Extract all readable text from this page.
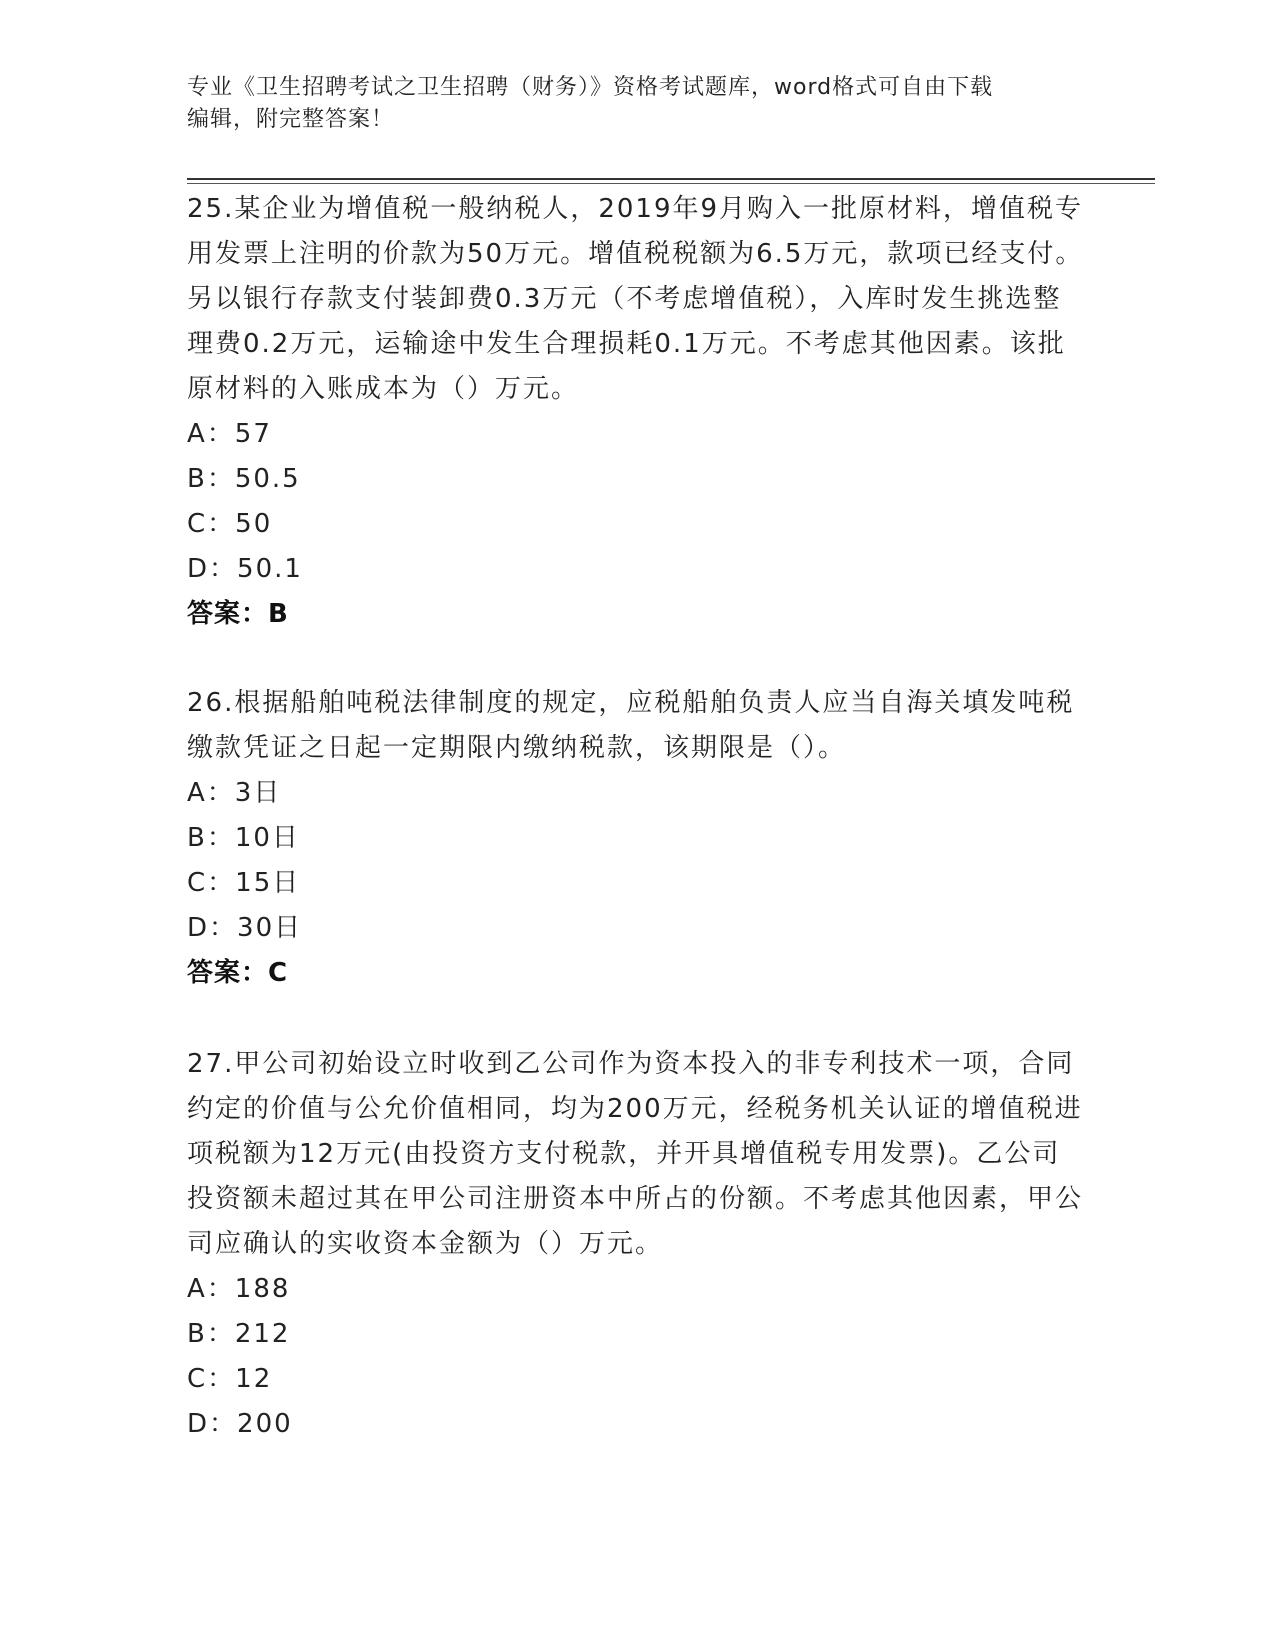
专业《卫生招聘考试之卫生招聘（财务）》资格考试题库，word格式可自由下载
编辑，附完整答案！

25.某企业为增值税一般纳税人，2019年9月购入一批原材料，增值税专用发票上注明的价款为50万元。增值税税额为6.5万元，款项已经支付。另以银行存款支付装卸费0.3万元（不考虑增值税），入库时发生挑选整理费0.2万元，运输途中发生合理损耗0.1万元。不考虑其他因素。该批原材料的入账成本为（）万元。

A：57
B：50.5
C：50
D：50.1
答案：B

26.根据船舶吨税法律制度的规定，应税船舶负责人应当自海关填发吨税缴款凭证之日起一定期限内缴纳税款，该期限是（）。

A：3日
B：10日
C：15日
D：30日
答案：C

27.甲公司初始设立时收到乙公司作为资本投入的非专利技术一项，合同约定的价值与公允价值相同，均为200万元，经税务机关认证的增值税进项税额为12万元(由投资方支付税款，并开具增值税专用发票)。乙公司投资额未超过其在甲公司注册资本中所占的份额。不考虑其他因素，甲公司应确认的实收资本金额为（）万元。

A：188
B：212
C：12
D：200
